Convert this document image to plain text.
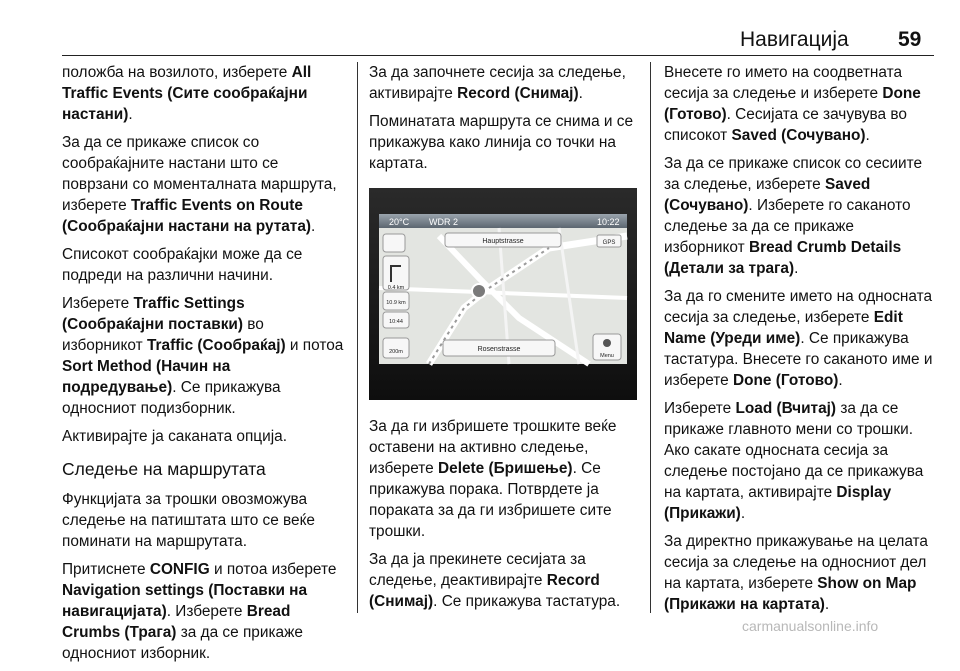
Навигација 59

положба на возилото, изберете All Traffic Events (Сите сообраќајни настани).

За да се прикаже список со сообраќајните настани што се поврзани со моменталната маршрута, изберете Traffic Events on Route (Сообраќајни настани на рутата).

Списокот сообраќајки може да се подреди на различни начини.

Изберете Traffic Settings (Сообраќајни поставки) во изборникот Traffic (Сообраќај) и потоа Sort Method (Начин на подредување). Се прикажува односниот подизборник.

Активирајте ја саканата опција.

Следење на маршрутата

Функцијата за трошки овозможува следење на патиштата што се веќе поминати на маршрутата.

Притиснете CONFIG и потоа изберете Navigation settings (Поставки на навигацијата). Изберете Bread Crumbs (Трага) за да се прикаже односниот изборник.

За да започнете сесија за следење, активирајте Record (Снимај).

Поминатата маршрута се снима и се прикажува како линија со точки на картата.

20°C WDR 2	10:22
Hauptstrasse	GPS
0.4 km
10.9 km
10:44
200m	Rosenstrasse
Menu

За да ги избришете трошките веќе оставени на активно следење, изберете Delete (Бришење). Се прикажува порака. Потврдете ја пораката за да ги избришете сите трошки.

За да ја прекинете сесијата за следење, деактивирајте Record (Снимај). Се прикажува тастатура.

Внесете го името на соодветната сесија за следење и изберете Done (Готово). Сесијата се зачувува во списокот Saved (Сочувано).

За да се прикаже список со сесиите за следење, изберете Saved (Сочувано). Изберете го саканото следење за да се прикаже изборникот Bread Crumb Details (Детали за трага).

За да го смените името на односната сесија за следење, изберете Edit Name (Уреди име). Се прикажува тастатура. Внесете го саканото име и изберете Done (Готово).

Изберете Load (Вчитај) за да се прикаже главното мени со трошки. Ако сакате односната сесија за следење постојано да се прикажува на картата, активирајте Display (Прикажи).

За директно прикажување на целата сесија за следење на односниот дел на картата, изберете Show on Map (Прикажи на картата).

carmanualsonline.info
